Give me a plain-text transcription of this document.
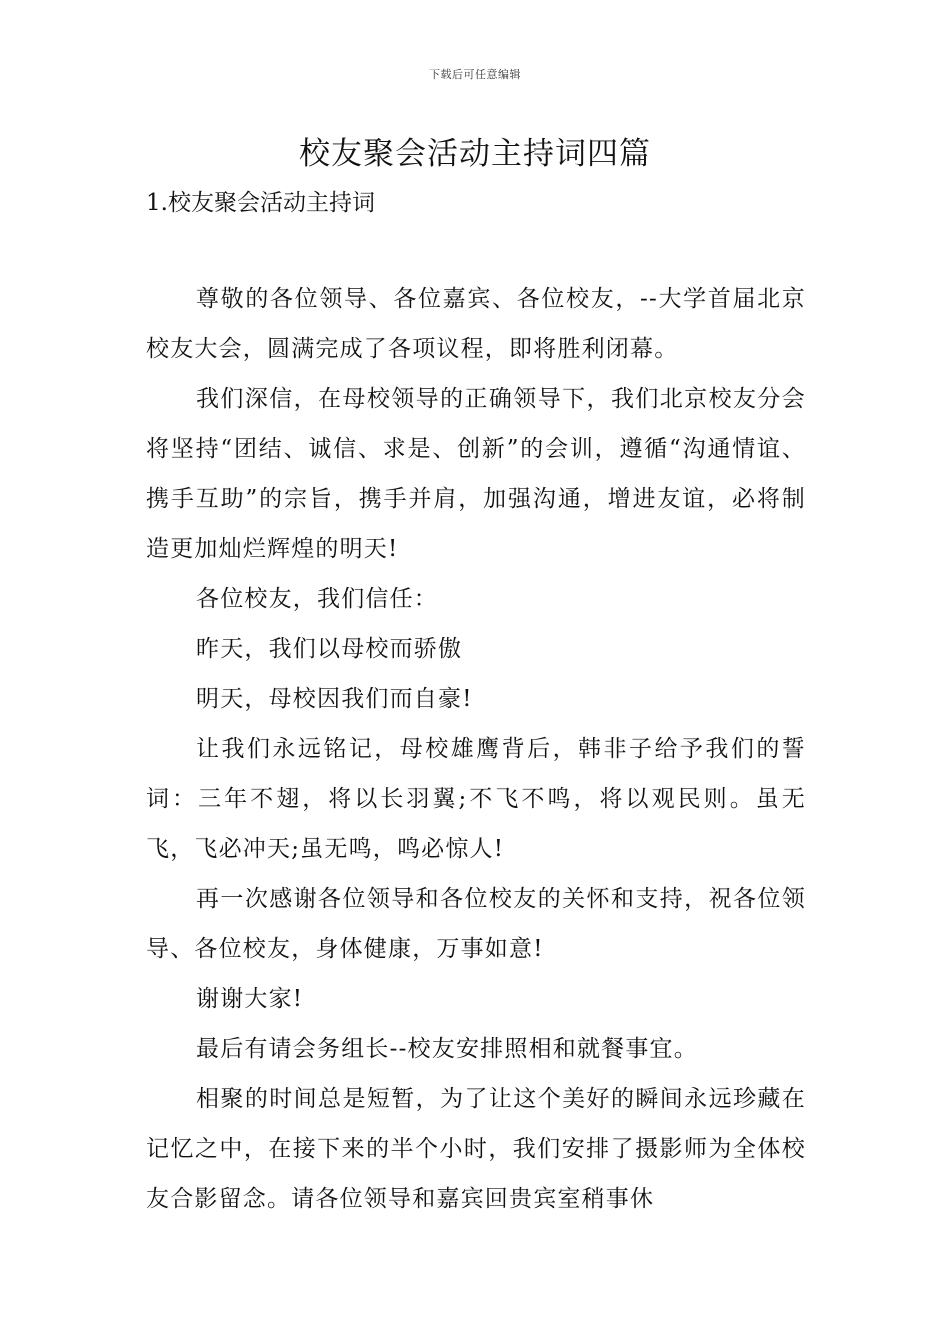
下载后可任意编辑
校友聚会活动主持词四篇
1.校友聚会活动主持词

尊敬的各位领导、各位嘉宾、各位校友，--大学首届北京校友大会，圆满完成了各项议程，即将胜利闭幕。

我们深信，在母校领导的正确领导下，我们北京校友分会将坚持“团结、诚信、求是、创新”的会训，遵循“沟通情谊、携手互助”的宗旨，携手并肩，加强沟通，增进友谊，必将制造更加灿烂辉煌的明天!

各位校友，我们信任：

昨天，我们以母校而骄傲

明天，母校因我们而自豪!

让我们永远铭记，母校雄鹰背后，韩非子给予我们的誓词：三年不翅，将以长羽翼;不飞不鸣，将以观民则。虽无飞，飞必冲天;虽无鸣，鸣必惊人!

再一次感谢各位领导和各位校友的关怀和支持，祝各位领导、各位校友，身体健康，万事如意!

谢谢大家!

最后有请会务组长--校友安排照相和就餐事宜。

相聚的时间总是短暂，为了让这个美好的瞬间永远珍藏在记忆之中，在接下来的半个小时，我们安排了摄影师为全体校友合影留念。请各位领导和嘉宾回贵宾室稍事休
